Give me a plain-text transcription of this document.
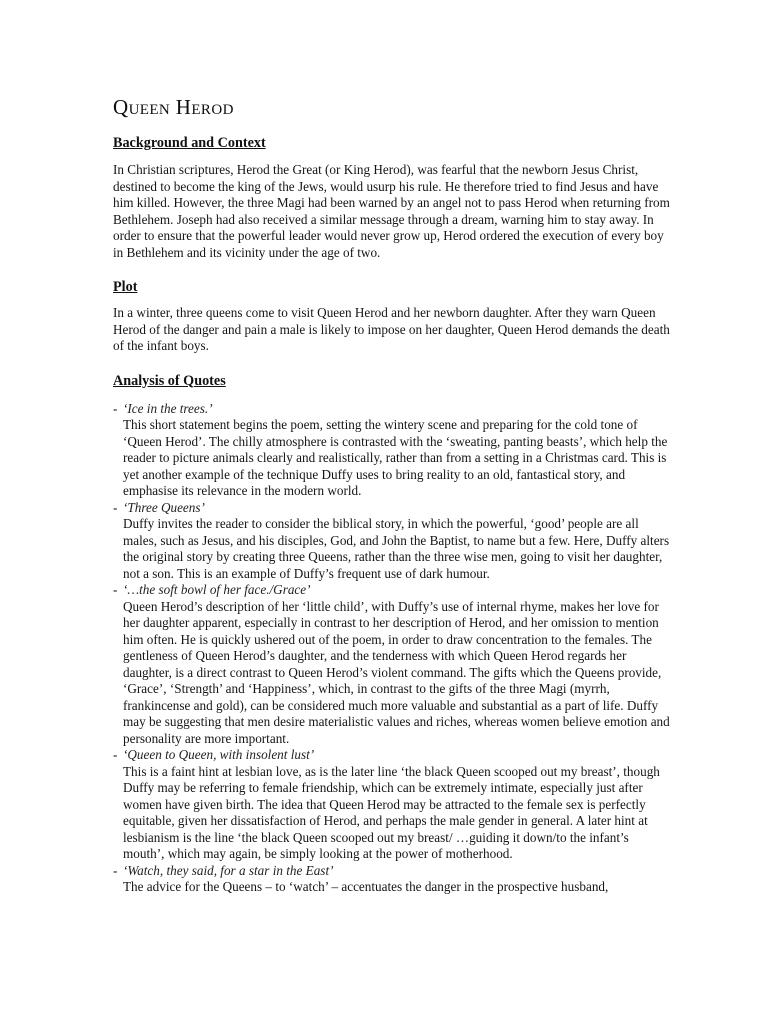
Queen Herod
Background and Context

In Christian scriptures, Herod the Great (or King Herod), was fearful that the newborn Jesus Christ, destined to become the king of the Jews, would usurp his rule. He therefore tried to find Jesus and have him killed. However, the three Magi had been warned by an angel not to pass Herod when returning from Bethlehem. Joseph had also received a similar message through a dream, warning him to stay away. In order to ensure that the powerful leader would never grow up, Herod ordered the execution of every boy in Bethlehem and its vicinity under the age of two.

Plot

In a winter, three queens come to visit Queen Herod and her newborn daughter. After they warn Queen Herod of the danger and pain a male is likely to impose on her daughter, Queen Herod demands the death of the infant boys.

Analysis of Quotes
- ‘Ice in the trees.’

This short statement begins the poem, setting the wintery scene and preparing for the cold tone of ‘Queen Herod’. The chilly atmosphere is contrasted with the ‘sweating, panting beasts’, which help the reader to picture animals clearly and realistically, rather than from a setting in a Christmas card. This is yet another example of the technique Duffy uses to bring reality to an old, fantastical story, and emphasise its relevance in the modern world.

- ‘Three Queens’

Duffy invites the reader to consider the biblical story, in which the powerful, ‘good’ people are all males, such as Jesus, and his disciples, God, and John the Baptist, to name but a few. Here, Duffy alters the original story by creating three Queens, rather than the three wise men, going to visit her daughter, not a son. This is an example of Duffy’s frequent use of dark humour.

- ‘…the soft bowl of her face./Grace’

Queen Herod’s description of her ‘little child’, with Duffy’s use of internal rhyme, makes her love for her daughter apparent, especially in contrast to her description of Herod, and her omission to mention him often. He is quickly ushered out of the poem, in order to draw concentration to the females. The gentleness of Queen Herod’s daughter, and the tenderness with which Queen Herod regards her daughter, is a direct contrast to Queen Herod’s violent command. The gifts which the Queens provide, ‘Grace’, ‘Strength’ and ‘Happiness’, which, in contrast to the gifts of the three Magi (myrrh, frankincense and gold), can be considered much more valuable and substantial as a part of life. Duffy may be suggesting that men desire materialistic values and riches, whereas women believe emotion and personality are more important.

- ‘Queen to Queen, with insolent lust’

This is a faint hint at lesbian love, as is the later line ‘the black Queen scooped out my breast’, though Duffy may be referring to female friendship, which can be extremely intimate, especially just after women have given birth. The idea that Queen Herod may be attracted to the female sex is perfectly equitable, given her dissatisfaction of Herod, and perhaps the male gender in general. A later hint at lesbianism is the line ‘the black Queen scooped out my breast/ …guiding it down/to the infant’s mouth’, which may again, be simply looking at the power of motherhood.

- ‘Watch, they said, for a star in the East’

The advice for the Queens – to ‘watch’ – accentuates the danger in the prospective husband,
